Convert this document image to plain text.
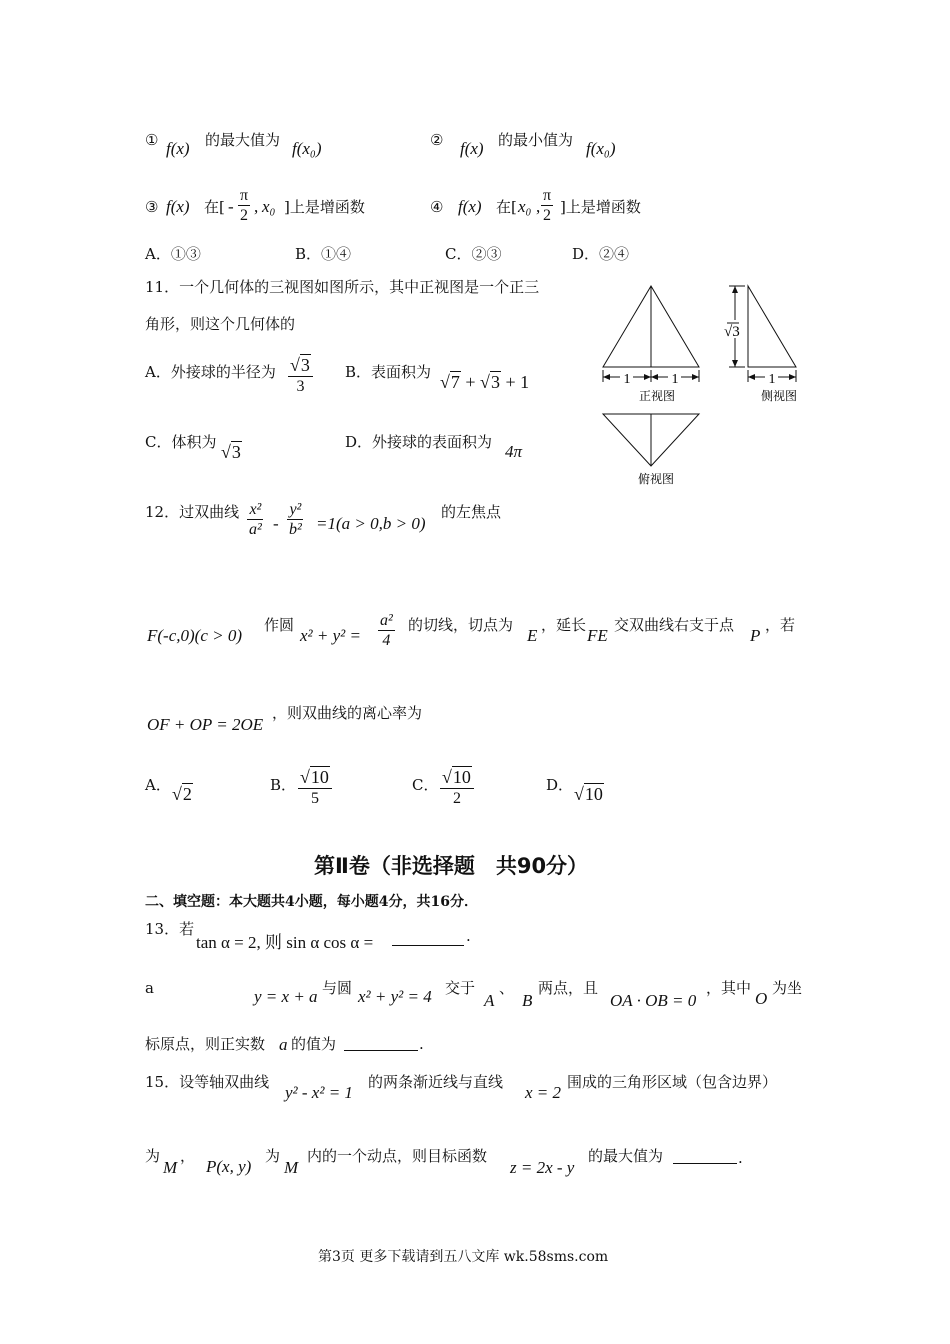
① f(x) 的最大值为 f(x₀)	② f(x) 的最小值为 f(x₀)
③ f(x) 在[ - $\frac{\pi}{2}$ , x₀ ]上是增函数	④ f(x) 在[ x₀ , $\frac{\pi}{2}$ ]上是增函数
A．①③	B．①④	C．②③	D．②④
11．一个几何体的三视图如图所示，其中正视图是一个正三
角形，则这个几何体的
A．外接球的半径为 $\frac{√3}{3}$ B．表面积为 √7 + √3 + 1
C．体积为 √3	D．外接球的表面积为 4π
1	1	1
√3
正视图	侧视图
俯视图
12．过双曲线 $\frac{\text{x²}}{\text{a²}} - \frac{\text{y²}}{\text{b²}} =1(a > 0,b > 0)$
的左焦点
F(-c,0)(c > 0)
作圆
$x^2 + y^2 = \frac{\text{a²}}{4}$ 的切线，切点为
E
，延长
FE
交双曲线右支于点
P
，若
OF + OP = 2OE
，则双曲线的离心率为
A． √2	B． $\frac{√10}{5}$	C． $\frac{√10}{2}$	D． √10
第Ⅱ卷（非选择题　共90分）
二、填空题：本大题共4小题，每小题4分，共16分．
13．若
tan α = 2, 则 sin α cos α =	.
a	y = x + a 与圆 x² + y² = 4 交于
A
、
B
两点，且
OA · OB = 0
，其中
O
为坐
标原点，则正实数 a 的值为	.
15．设等轴双曲线
y² - x² = 1
的两条渐近线与直线
x = 2
围成的三角形区域（包含边界）
为
M
，
P(x, y)
为
M
内的一个动点，则目标函数
z = 2x - y
的最大值为	.
第3页 更多下载请到五八文库 wk.58sms.com
